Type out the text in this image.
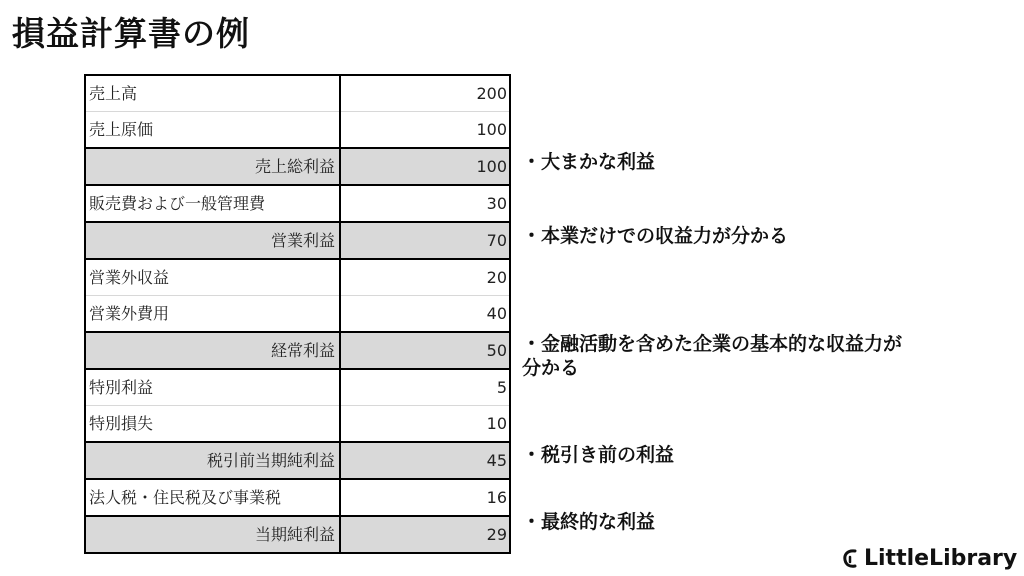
損益計算書の例
売上高	200
売上原価	100
売上総利益	100
販売費および一般管理費	30
営業利益	70
営業外収益	20
営業外費用	40
経常利益	50
特別利益	5
特別損失	10
税引前当期純利益	45
法人税・住民税及び事業税	16
当期純利益	29
・大まかな利益
・本業だけでの収益力が分かる
・金融活動を含めた企業の基本的な収益力が
分かる
・税引き前の利益
・最終的な利益
LittleLibrary
